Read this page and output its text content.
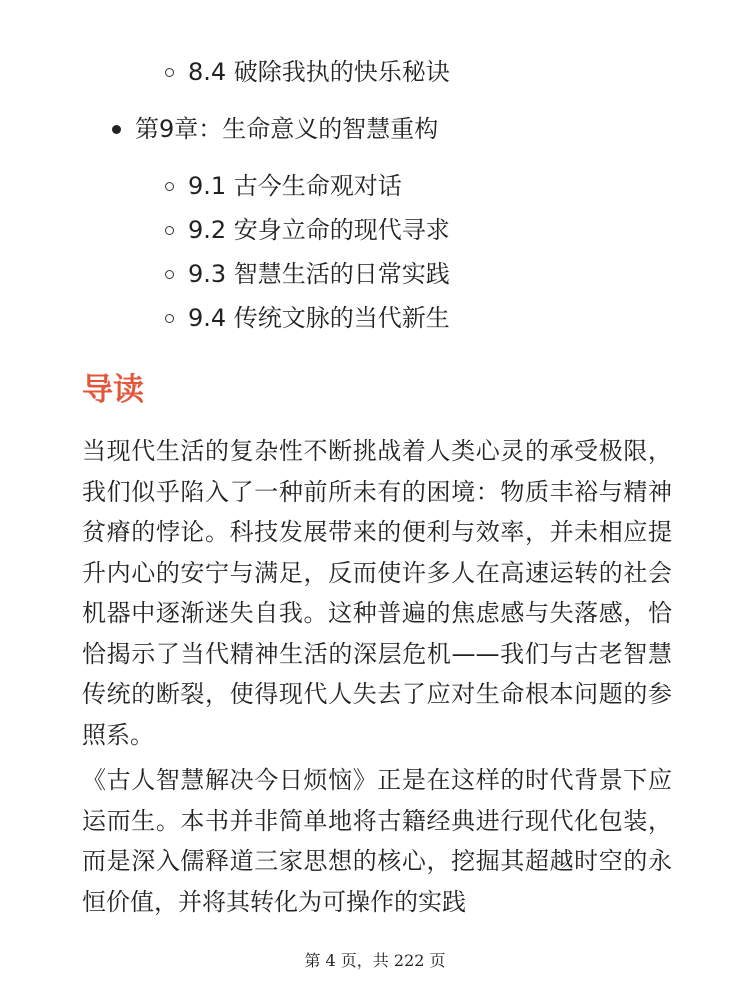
8.4 破除我执的快乐秘诀
第9章：生命意义的智慧重构
9.1 古今生命观对话
9.2 安身立命的现代寻求
9.3 智慧生活的日常实践
9.4 传统文脉的当代新生
导读

当现代生活的复杂性不断挑战着人类心灵的承受极限，我们似乎陷入了一种前所未有的困境：物质丰裕与精神贫瘠的悖论。科技发展带来的便利与效率，并未相应提升内心的安宁与满足，反而使许多人在高速运转的社会机器中逐渐迷失自我。这种普遍的焦虑感与失落感，恰恰揭示了当代精神生活的深层危机——我们与古老智慧传统的断裂，使得现代人失去了应对生命根本问题的参照系。

《古人智慧解决今日烦恼》正是在这样的时代背景下应运而生。本书并非简单地将古籍经典进行现代化包装，而是深入儒释道三家思想的核心，挖掘其超越时空的永恒价值，并将其转化为可操作的实践

第 4 页，共 222 页
